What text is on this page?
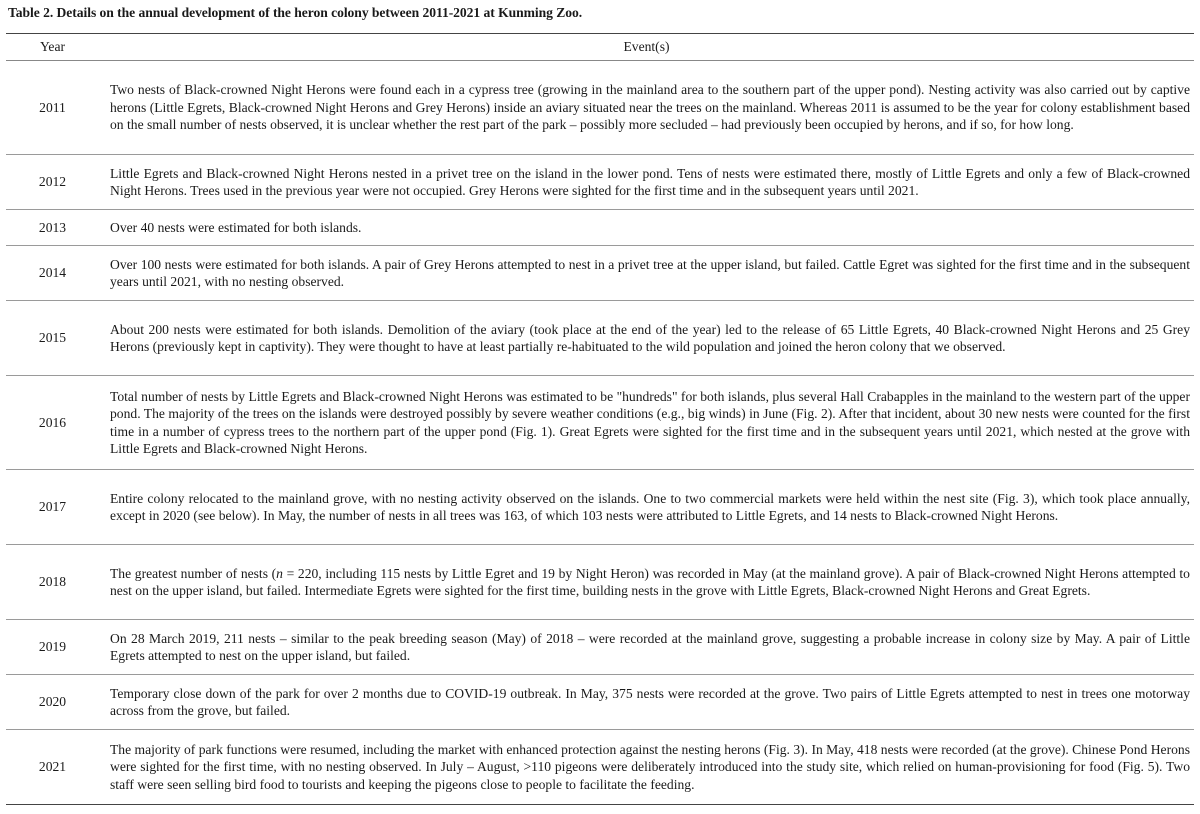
Table 2. Details on the annual development of the heron colony between 2011-2021 at Kunming Zoo.
Year	Event(s)
2011	Two nests of Black-crowned Night Herons were found each in a cypress tree (growing in the mainland area to the southern part of the upper pond). Nesting activity was also carried out by captive herons (Little Egrets, Black-crowned Night Herons and Grey Herons) inside an aviary situated near the trees on the mainland. Whereas 2011 is assumed to be the year for colony establishment based on the small number of nests observed, it is unclear whether the rest part of the park – possibly more secluded – had previously been occupied by herons, and if so, for how long.
2012	Little Egrets and Black-crowned Night Herons nested in a privet tree on the island in the lower pond. Tens of nests were estimated there, mostly of Little Egrets and only a few of Black-crowned Night Herons. Trees used in the previous year were not occupied. Grey Herons were sighted for the first time and in the subsequent years until 2021.
2013	Over 40 nests were estimated for both islands.
2014	Over 100 nests were estimated for both islands. A pair of Grey Herons attempted to nest in a privet tree at the upper island, but failed. Cattle Egret was sighted for the first time and in the subsequent years until 2021, with no nesting observed.
2015	About 200 nests were estimated for both islands. Demolition of the aviary (took place at the end of the year) led to the release of 65 Little Egrets, 40 Black-crowned Night Herons and 25 Grey Herons (previously kept in captivity). They were thought to have at least partially re-habituated to the wild population and joined the heron colony that we observed.
2016	Total number of nests by Little Egrets and Black-crowned Night Herons was estimated to be "hundreds" for both islands, plus several Hall Crabapples in the mainland to the western part of the upper pond. The majority of the trees on the islands were destroyed possibly by severe weather conditions (e.g., big winds) in June (Fig. 2). After that incident, about 30 new nests were counted for the first time in a number of cypress trees to the northern part of the upper pond (Fig. 1). Great Egrets were sighted for the first time and in the subsequent years until 2021, which nested at the grove with Little Egrets and Black-crowned Night Herons.
2017	Entire colony relocated to the mainland grove, with no nesting activity observed on the islands. One to two commercial markets were held within the nest site (Fig. 3), which took place annually, except in 2020 (see below). In May, the number of nests in all trees was 163, of which 103 nests were attributed to Little Egrets, and 14 nests to Black-crowned Night Herons.
2018	The greatest number of nests (n = 220, including 115 nests by Little Egret and 19 by Night Heron) was recorded in May (at the mainland grove). A pair of Black-crowned Night Herons attempted to nest on the upper island, but failed. Intermediate Egrets were sighted for the first time, building nests in the grove with Little Egrets, Black-crowned Night Herons and Great Egrets.
2019	On 28 March 2019, 211 nests – similar to the peak breeding season (May) of 2018 – were recorded at the mainland grove, suggesting a probable increase in colony size by May. A pair of Little Egrets attempted to nest on the upper island, but failed.
2020	Temporary close down of the park for over 2 months due to COVID-19 outbreak. In May, 375 nests were recorded at the grove. Two pairs of Little Egrets attempted to nest in trees one motorway across from the grove, but failed.
2021	The majority of park functions were resumed, including the market with enhanced protection against the nesting herons (Fig. 3). In May, 418 nests were recorded (at the grove). Chinese Pond Herons were sighted for the first time, with no nesting observed. In July – August, >110 pigeons were deliberately introduced into the study site, which relied on human-provisioning for food (Fig. 5). Two staff were seen selling bird food to tourists and keeping the pigeons close to people to facilitate the feeding.
